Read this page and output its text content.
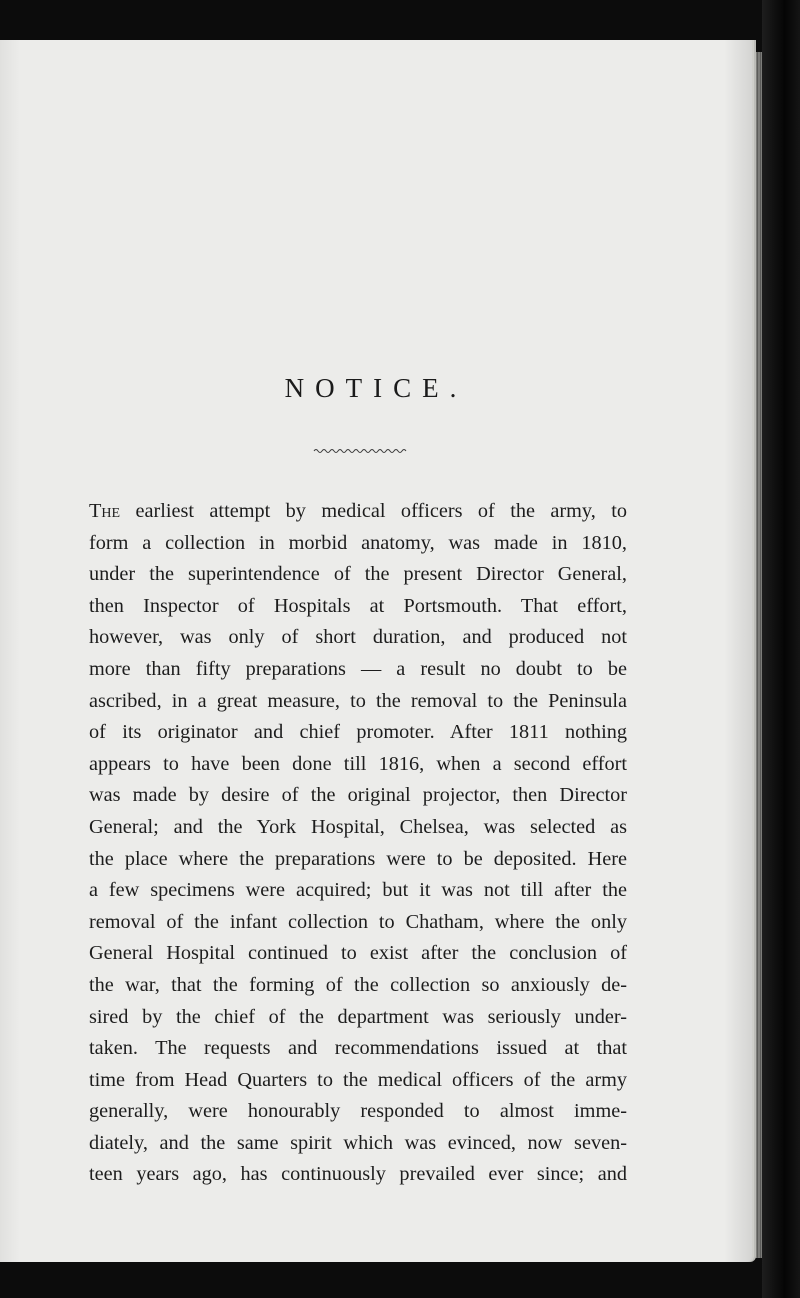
NOTICE.
The earliest attempt by medical officers of the army, to
form a collection in morbid anatomy, was made in 1810,
under the superintendence of the present Director General,
then Inspector of Hospitals at Portsmouth. That effort,
however, was only of short duration, and produced not
more than fifty preparations — a result no doubt to be
ascribed, in a great measure, to the removal to the Peninsula
of its originator and chief promoter. After 1811 nothing
appears to have been done till 1816, when a second effort
was made by desire of the original projector, then Director
General; and the York Hospital, Chelsea, was selected as
the place where the preparations were to be deposited. Here
a few specimens were acquired; but it was not till after the
removal of the infant collection to Chatham, where the only
General Hospital continued to exist after the conclusion of
the war, that the forming of the collection so anxiously de-
sired by the chief of the department was seriously under-
taken. The requests and recommendations issued at that
time from Head Quarters to the medical officers of the army
generally, were honourably responded to almost imme-
diately, and the same spirit which was evinced, now seven-
teen years ago, has continuously prevailed ever since; and
